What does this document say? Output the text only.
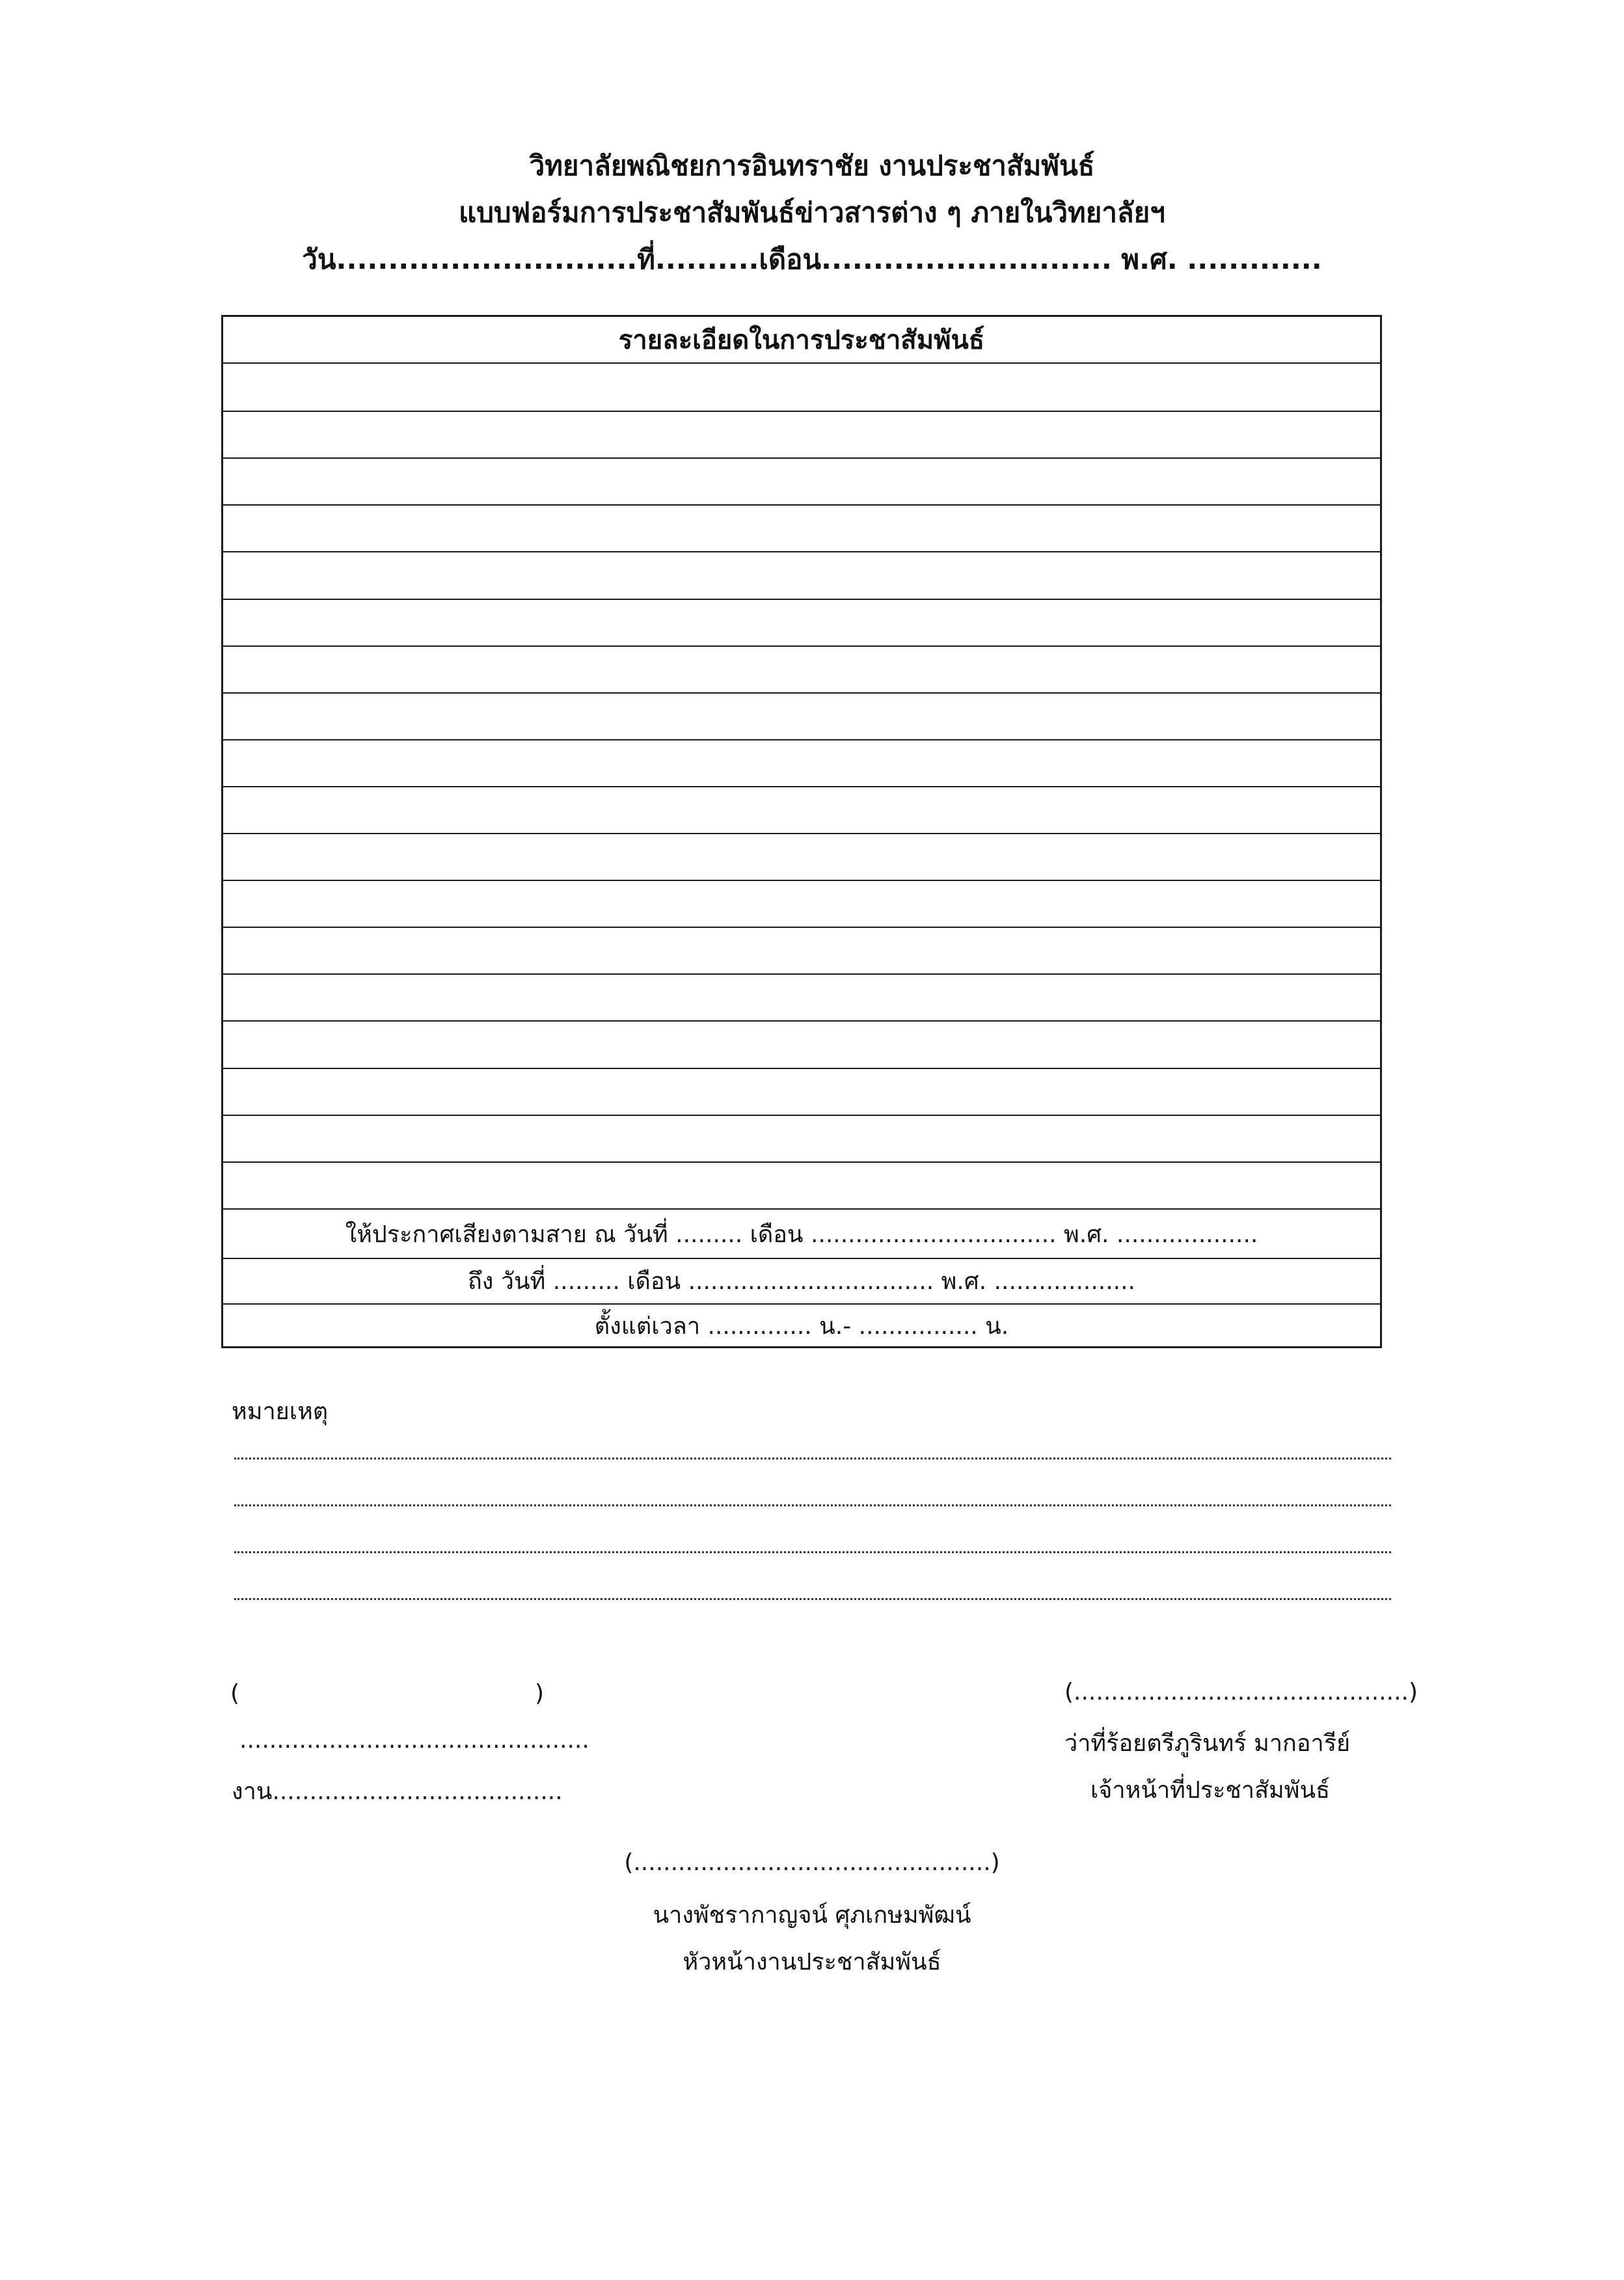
วิทยาลัยพณิชยการอินทราชัย งานประชาสัมพันธ์
แบบฟอร์มการประชาสัมพันธ์ข่าวสารต่าง ๆ ภายในวิทยาลัยฯ
วัน.............................ที่..........เดือน............................ พ.ศ. .............
รายละเอียดในการประชาสัมพันธ์
ให้ประกาศเสียงตามสาย ณ วันที่ ......... เดือน ................................. พ.ศ. ...................
ถึง วันที่ ......... เดือน ................................. พ.ศ. ...................
ตั้งแต่เวลา .............. น.- ................ น.
หมายเหตุ
(	)
...............................................
งาน.......................................
(.............................................)
ว่าที่ร้อยตรีภูรินทร์ มากอารีย์
เจ้าหน้าที่ประชาสัมพันธ์
(................................................)
นางพัชรากาญจน์ ศุภเกษมพัฒน์
หัวหน้างานประชาสัมพันธ์
